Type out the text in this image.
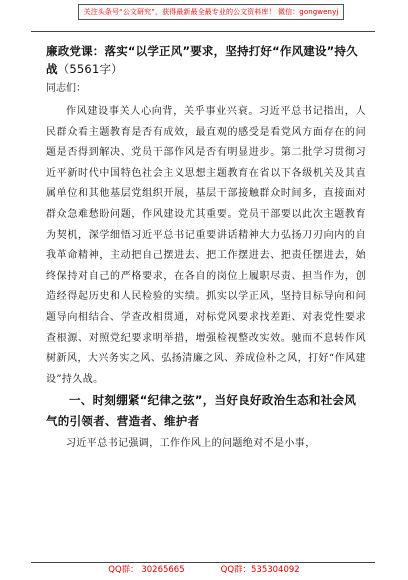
关注头条号“公文研究”，获得最新最全最专业的公文资料库！ 微信：gongwenyj
廉政党课：落实“以学正风”要求，坚持打好“作风建设”持久战（5561字）

同志们：

作风建设事关人心向背，关乎事业兴衰。习近平总书记指出，人民群众看主题教育是否有成效，最直观的感受是看党风方面存在的问题是否得到解决、党员干部作风是否有明显进步。第二批学习贯彻习近平新时代中国特色社会主义思想主题教育在省以下各级机关及其直属单位和其他基层党组织开展，基层干部接触群众时间多，直接面对群众急难愁盼问题，作风建设尤其重要。党员干部要以此次主题教育为契机，深学细悟习近平总书记重要讲话精神大力弘扬刀刃向内的自我革命精神，主动把自己摆进去、把工作摆进去、把责任摆进去，始终保持对自己的严格要求，在各自的岗位上履职尽责、担当作为，创造经得起历史和人民检验的实绩。抓实以学正风，坚持目标导向和问题导向相结合、学查改相贯通，对标党风要求找差距、对表党性要求查根源、对照党纪要求明举措，增强检视整改实效。驰而不息转作风树新风，大兴务实之风、弘扬清廉之风、养成俭朴之风，打好“作风建设”持久战。

一、时刻绷紧“纪律之弦”，当好良好政治生态和社会风气的引领者、营造者、维护者

习近平总书记强调，工作作风上的问题绝对不是小事，

QQ群： 30265665	QQ群：535304092
